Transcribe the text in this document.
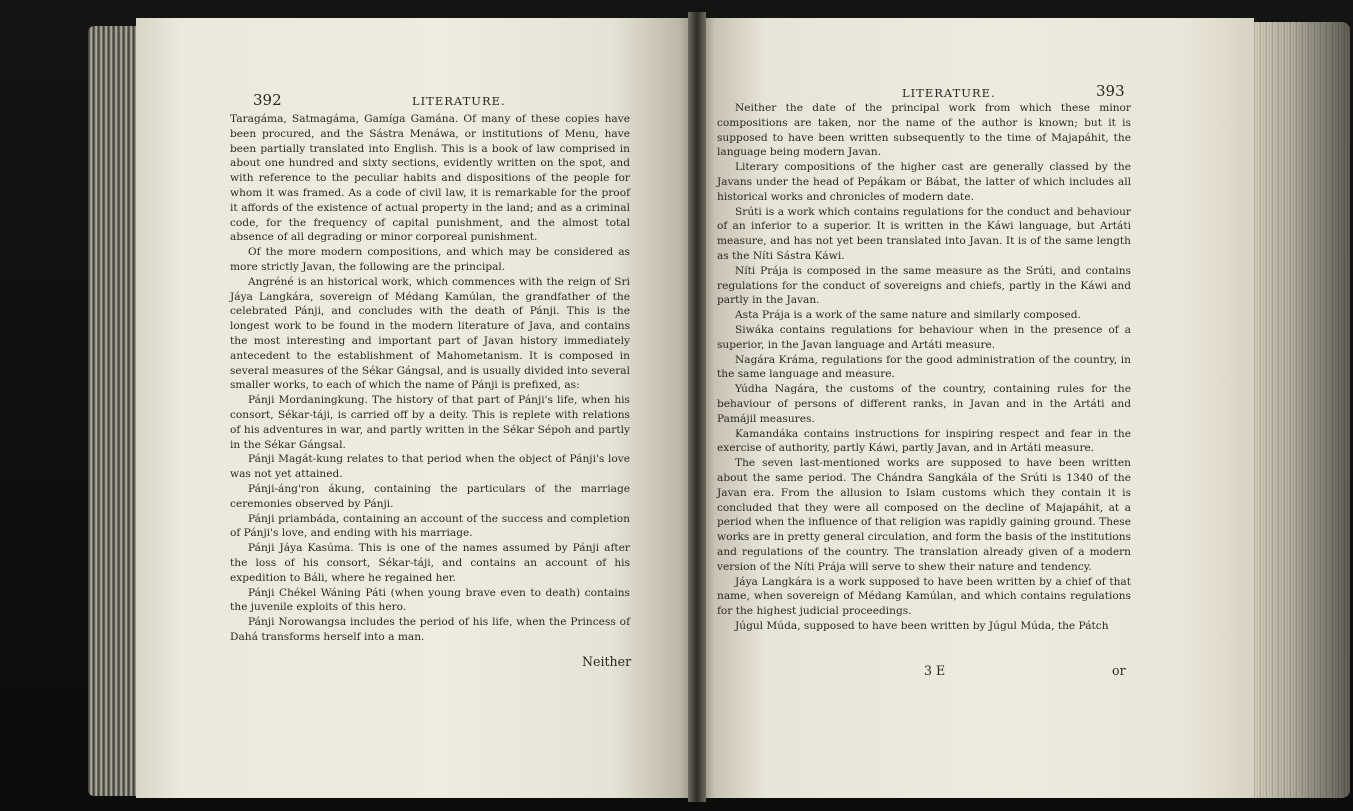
392	LITERATURE.

Taragáma, Satmagáma, Gamíga Gamána. Of many of these copies have been procured, and the Sástra Menáwa, or institutions of Menu, have been partially translated into English. This is a book of law comprised in about one hundred and sixty sections, evidently written on the spot, and with reference to the peculiar habits and dispositions of the people for whom it was framed. As a code of civil law, it is remarkable for the proof it affords of the existence of actual property in the land; and as a criminal code, for the frequency of capital punishment, and the almost total absence of all degrading or minor corporeal punishment.

Of the more modern compositions, and which may be considered as more strictly Javan, the following are the principal.

Angréné is an historical work, which commences with the reign of Sri Jáya Langkára, sovereign of Médang Kamúlan, the grandfather of the celebrated Pánji, and concludes with the death of Pánji. This is the longest work to be found in the modern literature of Java, and contains the most interesting and important part of Javan history immediately antecedent to the establishment of Mahometanism. It is composed in several measures of the Sékar Gángsal, and is usually divided into several smaller works, to each of which the name of Pánji is prefixed, as:

Pánji Mordaningkung. The history of that part of Pánji's life, when his consort, Sékar-táji, is carried off by a deity. This is replete with relations of his adventures in war, and partly written in the Sékar Sépoh and partly in the Sékar Gángsal.

Pánji Magát-kung relates to that period when the object of Pánji's love was not yet attained.

Pánji-áng'ron ákung, containing the particulars of the marriage ceremonies observed by Pánji.

Pánji priambáda, containing an account of the success and completion of Pánji's love, and ending with his marriage.

Pánji Jáya Kasúma. This is one of the names assumed by Pánji after the loss of his consort, Sékar-táji, and contains an account of his expedition to Báli, where he regained her.

Pánji Chékel Wáning Páti (when young brave even to death) contains the juvenile exploits of this hero.

Pánji Norowangsa includes the period of his life, when the Princess of Dahá transforms herself into a man.

Neither
LITERATURE.	393

Neither the date of the principal work from which these minor compositions are taken, nor the name of the author is known; but it is supposed to have been written subsequently to the time of Majapáhit, the language being modern Javan.

Literary compositions of the higher cast are generally classed by the Javans under the head of Pepákam or Bábat, the latter of which includes all historical works and chronicles of modern date.

Srúti is a work which contains regulations for the conduct and behaviour of an inferior to a superior. It is written in the Káwi language, but Artáti measure, and has not yet been translated into Javan. It is of the same length as the Níti Sástra Káwi.

Níti Prája is composed in the same measure as the Srúti, and contains regulations for the conduct of sovereigns and chiefs, partly in the Káwi and partly in the Javan.

Asta Prája is a work of the same nature and similarly composed.

Siwáka contains regulations for behaviour when in the presence of a superior, in the Javan language and Artáti measure.

Nagára Kráma, regulations for the good administration of the country, in the same language and measure.

Yúdha Nagára, the customs of the country, containing rules for the behaviour of persons of different ranks, in Javan and in the Artáti and Pamájil measures.

Kamandáka contains instructions for inspiring respect and fear in the exercise of authority, partly Káwi, partly Javan, and in Artáti measure.

The seven last-mentioned works are supposed to have been written about the same period. The Chándra Sangkála of the Srúti is 1340 of the Javan era. From the allusion to Islam customs which they contain it is concluded that they were all composed on the decline of Majapáhit, at a period when the influence of that religion was rapidly gaining ground. These works are in pretty general circulation, and form the basis of the institutions and regulations of the country. The translation already given of a modern version of the Níti Prája will serve to shew their nature and tendency.

Jáya Langkára is a work supposed to have been written by a chief of that name, when sovereign of Médang Kamúlan, and which contains regulations for the highest judicial proceedings.

Júgul Múda, supposed to have been written by Júgul Múda, the Pátch

3 E	or
